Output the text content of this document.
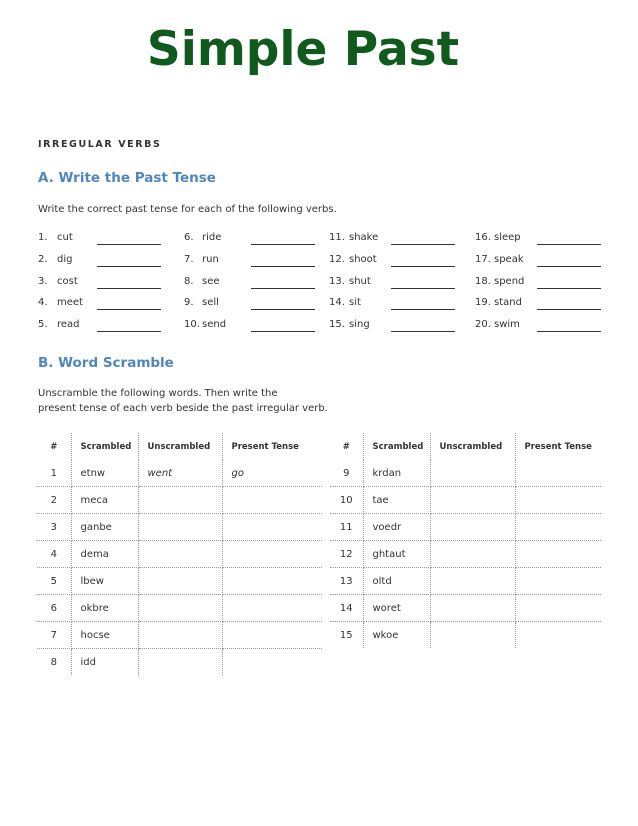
Simple Past
IRREGULAR VERBS
A. Write the Past Tense
Write the correct past tense for each of the following verbs.
1. cut	6. ride	11. shake	16. sleep
2. dig	7. run	12. shoot	17. speak
3. cost	8. see	13. shut	18. spend
4. meet	9. sell	14. sit	19. stand
5. read	10. send	15. sing	20. swim
B. Word Scramble
Unscramble the following words. Then write the
present tense of each verb beside the past irregular verb.
#	Scrambled	Unscrambled	Present Tense
1	etnw	went	go
2	meca		
3	ganbe		
4	dema		
5	lbew		
6	okbre		
7	hocse		
8	idd		
#	Scrambled	Unscrambled	Present Tense
9	krdan		
10	tae		
11	voedr		
12	ghtaut		
13	oltd		
14	woret		
15	wkoe		
